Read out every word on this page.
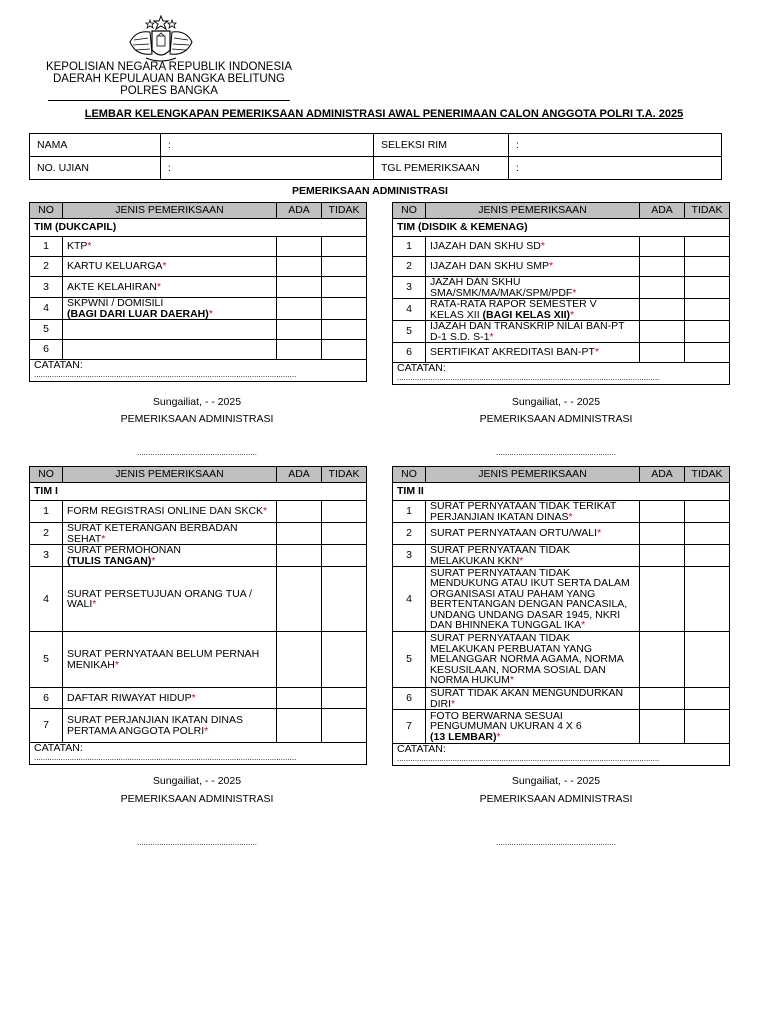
KEPOLISIAN NEGARA REPUBLIK INDONESIA
DAERAH KEPULAUAN BANGKA BELITUNG
POLRES BANGKA
LEMBAR KELENGKAPAN PEMERIKSAAN ADMINISTRASI AWAL PENERIMAAN CALON ANGGOTA POLRI T.A. 2025
NAMA	:	SELEKSI RIM	:
NO. UJIAN	:	TGL PEMERIKSAAN	:
PEMERIKSAAN ADMINISTRASI
NO	JENIS PEMERIKSAAN	ADA	TIDAK
TIM (DUKCAPIL)			
1	KTP*		
2	KARTU KELUARGA*		
3	AKTE KELAHIRAN*		
4	SKPWNI / DOMISILI
(BAGI DARI LUAR DAERAH)*		

5			
6			

CATATAN:
......................................................................................................................			
NO	JENIS PEMERIKSAAN	ADA	TIDAK
TIM (DISDIK & KEMENAG)			
1	IJAZAH DAN SKHU SD*		
2	IJAZAH DAN SKHU SMP*		
3	JAZAH DAN SKHU SMA/SMK/MA/MAK/SPM/PDF*		
4	RATA-RATA RAPOR SEMESTER V
KELAS XII (BAGI KELAS XII)*		

5	IJAZAH DAN TRANSKRIP NILAI BAN-PT
D-1 S.D. S-1*		

6	SERTIFIKAT AKREDITASI BAN-PT*		

CATATAN:
......................................................................................................................			
NO	JENIS PEMERIKSAAN	ADA	TIDAK
TIM I			
1	FORM REGISTRASI ONLINE DAN SKCK*		
2	SURAT KETERANGAN BERBADAN SEHAT*		
3	SURAT PERMOHONAN
(TULIS TANGAN)*		

4	SURAT PERSETUJUAN ORANG TUA / WALI*		
5	SURAT PERNYATAAN BELUM PERNAH MENIKAH*		
6	DAFTAR RIWAYAT HIDUP*		
7	SURAT PERJANJIAN IKATAN DINAS PERTAMA ANGGOTA POLRI*		

CATATAN:
......................................................................................................................			
NO	JENIS PEMERIKSAAN	ADA	TIDAK
TIM II			
1	SURAT PERNYATAAN TIDAK TERIKAT PERJANJIAN IKATAN DINAS*		
2	SURAT PERNYATAAN ORTU/WALI*		
3	SURAT PERNYATAAN TIDAK MELAKUKAN KKN*		
4	SURAT PERNYATAAN TIDAK MENDUKUNG ATAU IKUT SERTA DALAM ORGANISASI ATAU PAHAM YANG BERTENTANGAN DENGAN PANCASILA, UNDANG UNDANG DASAR 1945, NKRI DAN BHINNEKA TUNGGAL IKA*		
5	SURAT PERNYATAAN TIDAK MELAKUKAN PERBUATAN YANG MELANGGAR NORMA AGAMA, NORMA KESUSILAAN, NORMA SOSIAL DAN NORMA HUKUM*		
6	SURAT TIDAK AKAN MENGUNDURKAN DIRI*		
7	FOTO BERWARNA SESUAI PENGUMUMAN UKURAN 4 X 6
(13 LEMBAR)*		

CATATAN:
......................................................................................................................			
Sungailiat, - - 2025
PEMERIKSAAN ADMINISTRASI
......................................................
Sungailiat, - - 2025
PEMERIKSAAN ADMINISTRASI
......................................................
Sungailiat, - - 2025
PEMERIKSAAN ADMINISTRASI
......................................................
Sungailiat, - - 2025
PEMERIKSAAN ADMINISTRASI
......................................................
